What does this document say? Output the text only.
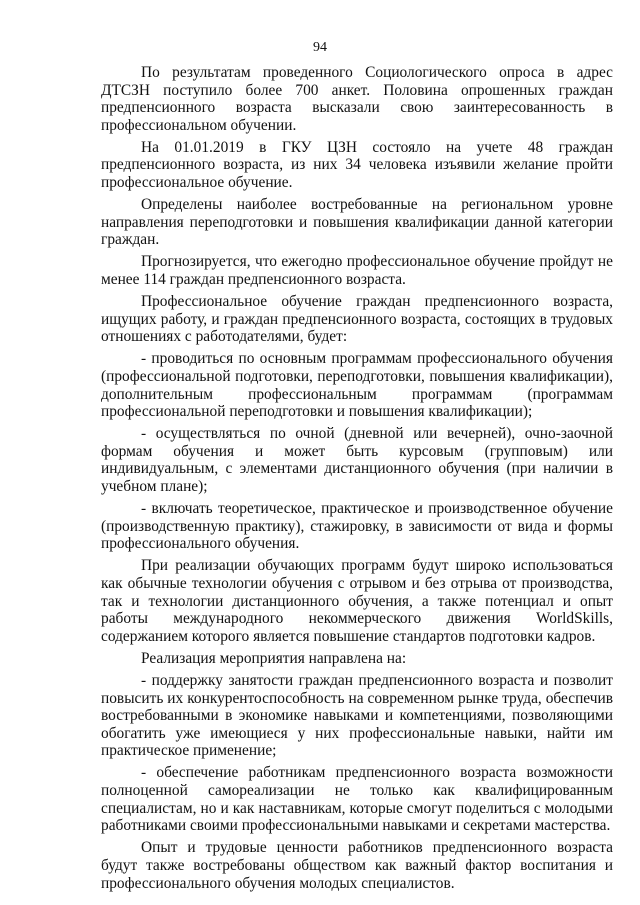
94

По результатам проведенного Социологического опроса в адрес ДТСЗН поступило более 700 анкет. Половина опрошенных граждан предпенсионного возраста высказали свою заинтересованность в профессиональном обучении.

На 01.01.2019 в ГКУ ЦЗН состояло на учете 48 граждан предпенсионного возраста, из них 34 человека изъявили желание пройти профессиональное обучение.

Определены наиболее востребованные на региональном уровне направления переподготовки и повышения квалификации данной категории граждан.

Прогнозируется, что ежегодно профессиональное обучение пройдут не менее 114 граждан предпенсионного возраста.

Профессиональное обучение граждан предпенсионного возраста, ищущих работу, и граждан предпенсионного возраста, состоящих в трудовых отношениях с работодателями, будет:

- проводиться по основным программам профессионального обучения (профессиональной подготовки, переподготовки, повышения квалификации), дополнительным профессиональным программам (программам профессиональной переподготовки и повышения квалификации);

- осуществляться по очной (дневной или вечерней), очно-заочной формам обучения и может быть курсовым (групповым) или индивидуальным, с элементами дистанционного обучения (при наличии в учебном плане);

- включать теоретическое, практическое и производственное обучение (производственную практику), стажировку, в зависимости от вида и формы профессионального обучения.

При реализации обучающих программ будут широко использоваться как обычные технологии обучения с отрывом и без отрыва от производства, так и технологии дистанционного обучения, а также потенциал и опыт работы международного некоммерческого движения WorldSkills, содержанием которого является повышение стандартов подготовки кадров.

Реализация мероприятия направлена на:

- поддержку занятости граждан предпенсионного возраста и позволит повысить их конкурентоспособность на современном рынке труда, обеспечив востребованными в экономике навыками и компетенциями, позволяющими обогатить уже имеющиеся у них профессиональные навыки, найти им практическое применение;

- обеспечение работникам предпенсионного возраста возможности полноценной самореализации не только как квалифицированным специалистам, но и как наставникам, которые смогут поделиться с молодыми работниками своими профессиональными навыками и секретами мастерства.

Опыт и трудовые ценности работников предпенсионного возраста будут также востребованы обществом как важный фактор воспитания и профессионального обучения молодых специалистов.
